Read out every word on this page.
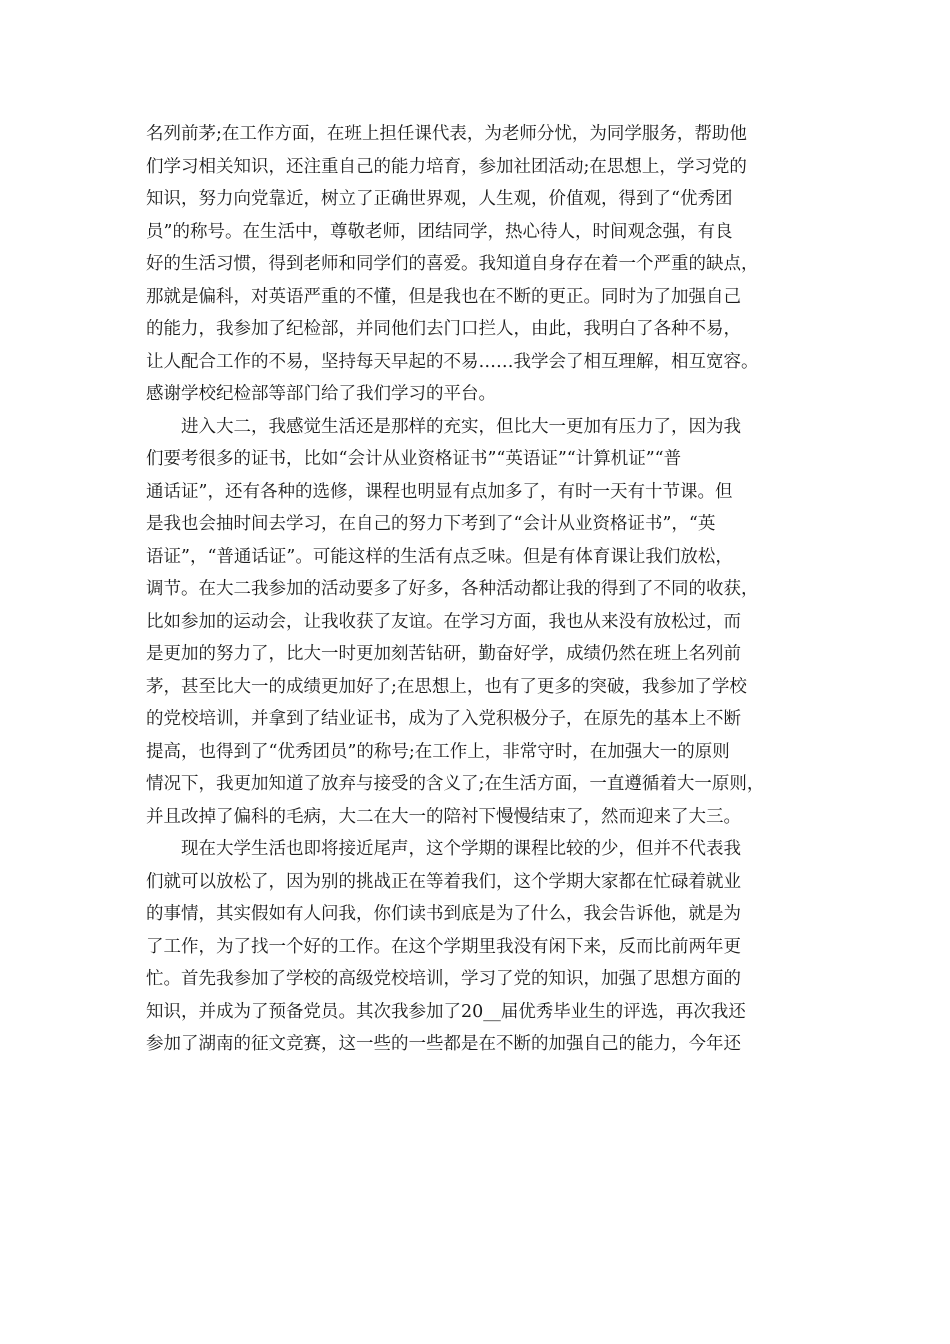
名列前茅;在工作方面，在班上担任课代表，为老师分忧，为同学服务，帮助他
们学习相关知识，还注重自己的能力培育，参加社团活动;在思想上，学习党的
知识，努力向党靠近，树立了正确世界观，人生观，价值观，得到了“优秀团
员”的称号。在生活中，尊敬老师，团结同学，热心待人，时间观念强，有良
好的生活习惯，得到老师和同学们的喜爱。我知道自身存在着一个严重的缺点，
那就是偏科，对英语严重的不懂，但是我也在不断的更正。同时为了加强自己
的能力，我参加了纪检部，并同他们去门口拦人，由此，我明白了各种不易，
让人配合工作的不易，坚持每天早起的不易……我学会了相互理解，相互宽容。
感谢学校纪检部等部门给了我们学习的平台。
进入大二，我感觉生活还是那样的充实，但比大一更加有压力了，因为我
们要考很多的证书，比如“会计从业资格证书”“英语证”“计算机证”“普
通话证”，还有各种的选修，课程也明显有点加多了，有时一天有十节课。但
是我也会抽时间去学习，在自己的努力下考到了“会计从业资格证书”，“英
语证”，“普通话证”。可能这样的生活有点乏味。但是有体育课让我们放松，
调节。在大二我参加的活动要多了好多，各种活动都让我的得到了不同的收获，
比如参加的运动会，让我收获了友谊。在学习方面，我也从来没有放松过，而
是更加的努力了，比大一时更加刻苦钻研，勤奋好学，成绩仍然在班上名列前
茅，甚至比大一的成绩更加好了;在思想上，也有了更多的突破，我参加了学校
的党校培训，并拿到了结业证书，成为了入党积极分子，在原先的基本上不断
提高，也得到了“优秀团员”的称号;在工作上，非常守时，在加强大一的原则
情况下，我更加知道了放弃与接受的含义了;在生活方面，一直遵循着大一原则，
并且改掉了偏科的毛病，大二在大一的陪衬下慢慢结束了，然而迎来了大三。
现在大学生活也即将接近尾声，这个学期的课程比较的少，但并不代表我
们就可以放松了，因为别的挑战正在等着我们，这个学期大家都在忙碌着就业
的事情，其实假如有人问我，你们读书到底是为了什么，我会告诉他，就是为
了工作，为了找一个好的工作。在这个学期里我没有闲下来，反而比前两年更
忙。首先我参加了学校的高级党校培训，学习了党的知识，加强了思想方面的
知识，并成为了预备党员。其次我参加了20__届优秀毕业生的评选，再次我还
参加了湖南的征文竞赛，这一些的一些都是在不断的加强自己的能力，今年还
